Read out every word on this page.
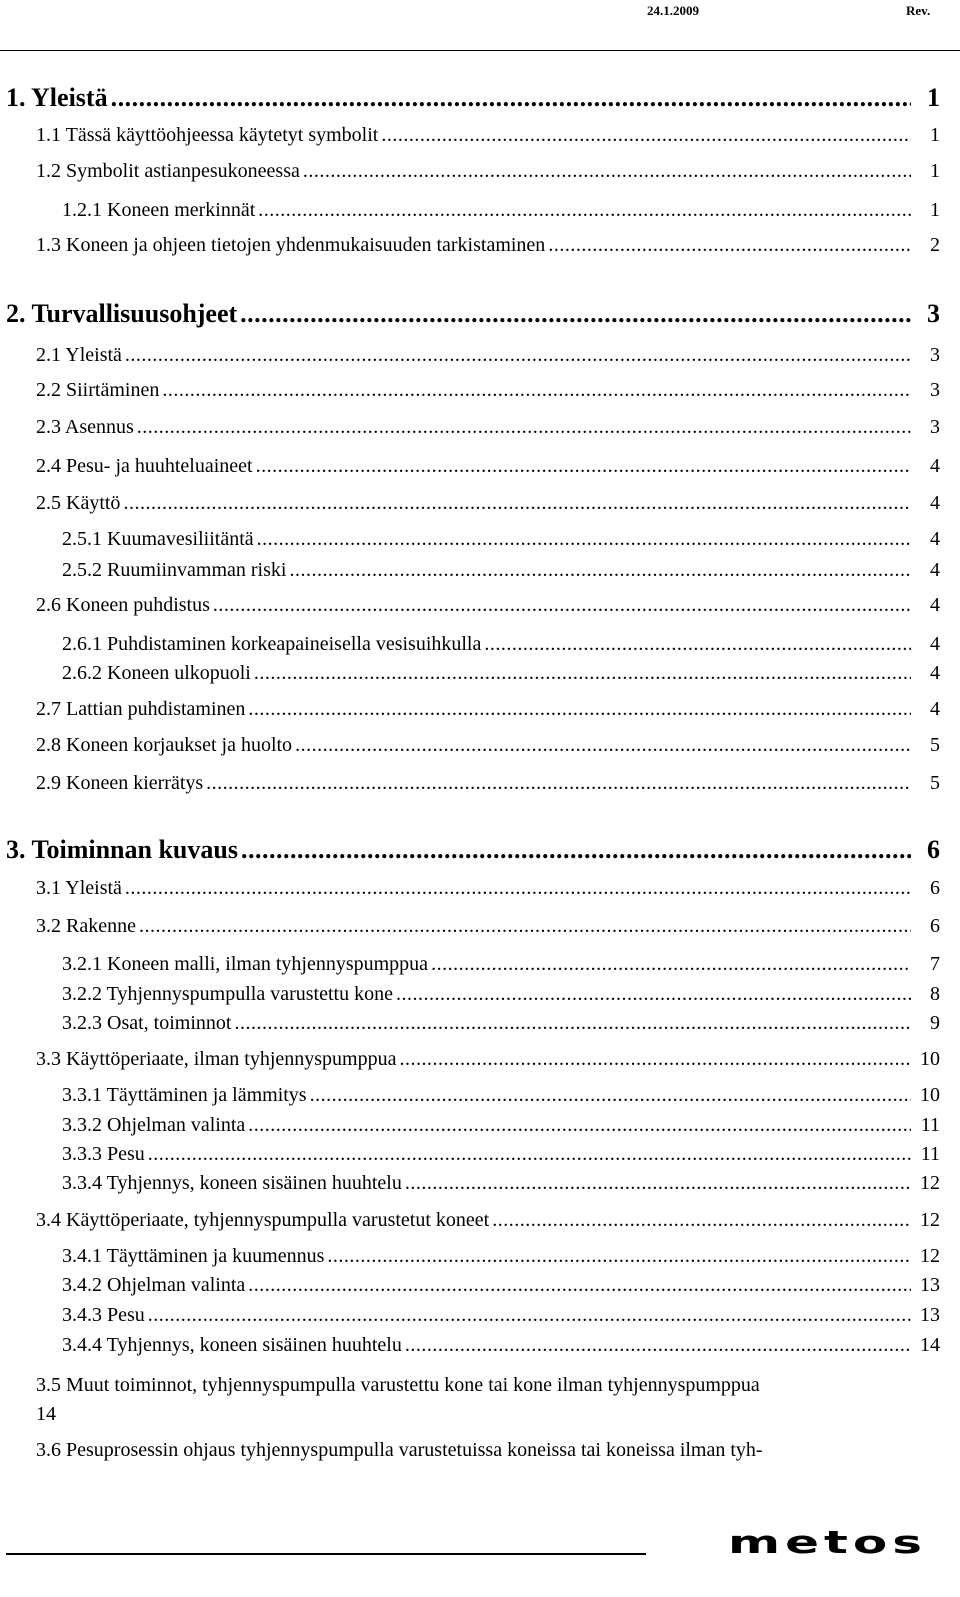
24.1.2009	Rev.
1. Yleistä .....	1
1.1 Tässä käyttöohjeessa käytetyt symbolit .....	1
1.2 Symbolit astianpesukoneessa .....	1
1.2.1 Koneen merkinnät .....	1
1.3 Koneen ja ohjeen tietojen yhdenmukaisuuden tarkistaminen .....	2
2. Turvallisuusohjeet .....	3
2.1 Yleistä .....	3
2.2 Siirtäminen .....	3
2.3 Asennus .....	3
2.4 Pesu- ja huuhteluaineet .....	4
2.5 Käyttö .....	4
2.5.1 Kuumavesiliitäntä .....	4
2.5.2 Ruumiinvamman riski .....	4
2.6 Koneen puhdistus .....	4
2.6.1 Puhdistaminen korkeapaineisella vesisuihkulla .....	4
2.6.2 Koneen ulkopuoli .....	4
2.7 Lattian puhdistaminen .....	4
2.8 Koneen korjaukset ja huolto .....	5
2.9 Koneen kierrätys .....	5
3. Toiminnan kuvaus .....	6
3.1 Yleistä .....	6
3.2 Rakenne .....	6
3.2.1 Koneen malli, ilman tyhjennyspumppua .....	7
3.2.2 Tyhjennyspumpulla varustettu kone .....	8
3.2.3 Osat, toiminnot .....	9
3.3 Käyttöperiaate, ilman tyhjennyspumppua .....	10
3.3.1 Täyttäminen ja lämmitys .....	10
3.3.2 Ohjelman valinta .....	11
3.3.3 Pesu .....	11
3.3.4 Tyhjennys, koneen sisäinen huuhtelu .....	12
3.4 Käyttöperiaate, tyhjennyspumpulla varustetut koneet .....	12
3.4.1 Täyttäminen ja kuumennus .....	12
3.4.2 Ohjelman valinta .....	13
3.4.3 Pesu .....	13
3.4.4 Tyhjennys, koneen sisäinen huuhtelu .....	14
3.5 Muut toiminnot, tyhjennyspumpulla varustettu kone tai kone ilman tyhjennyspumppua
14
3.6 Pesuprosessin ohjaus tyhjennyspumpulla varustetuissa koneissa tai koneissa ilman tyh-
metos
